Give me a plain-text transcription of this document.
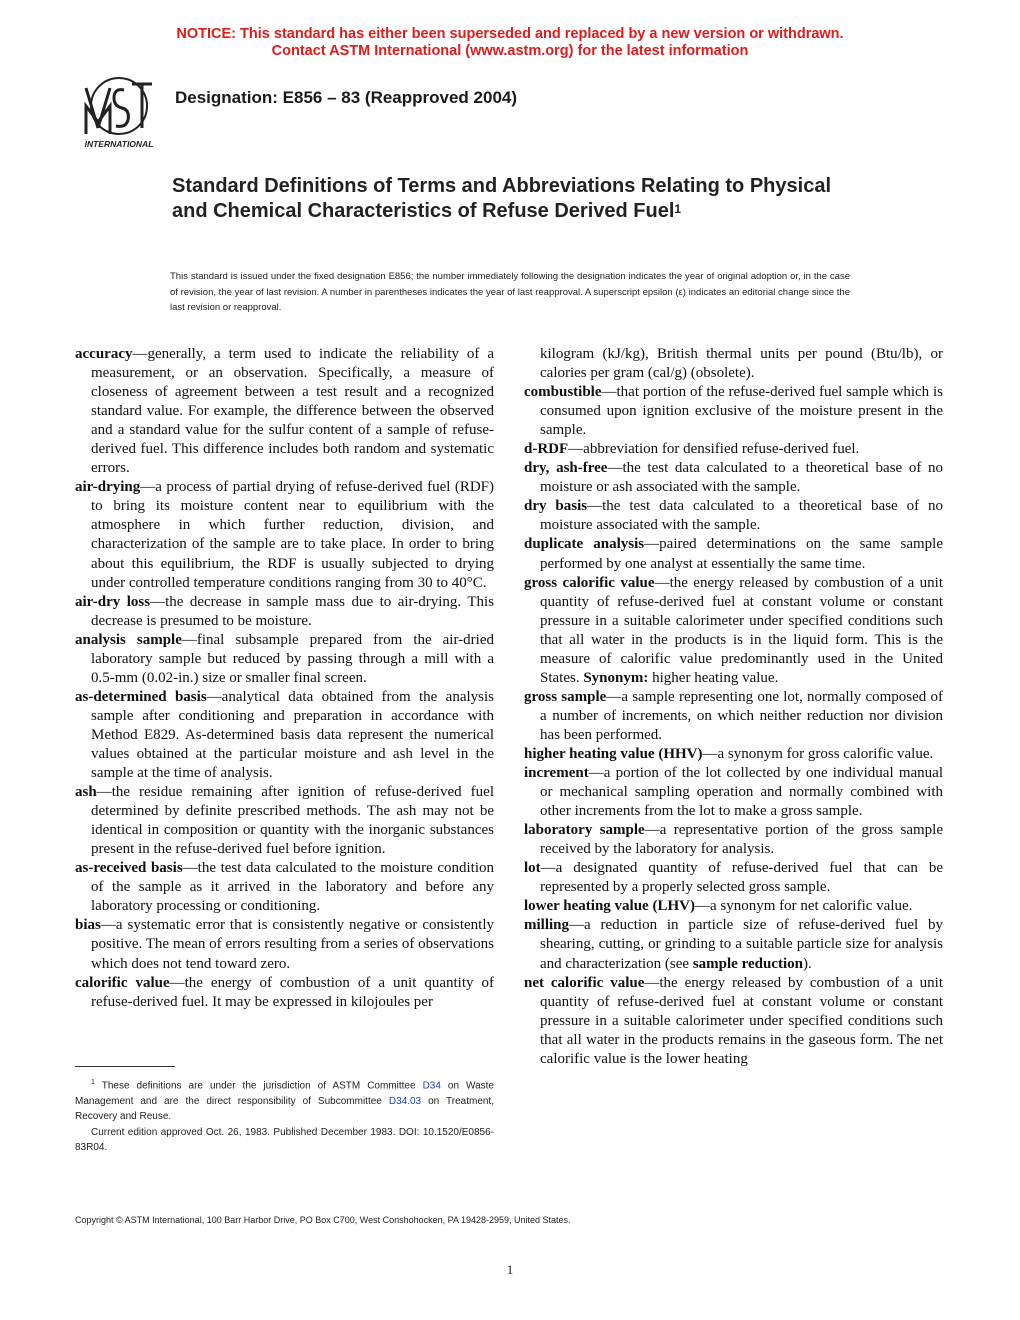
NOTICE: This standard has either been superseded and replaced by a new version or withdrawn.
Contact ASTM International (www.astm.org) for the latest information
INTERNATIONAL
Designation: E856 – 83 (Reapproved 2004)
Standard Definitions of Terms and Abbreviations Relating to Physical and Chemical Characteristics of Refuse Derived Fuel$^1$

This standard is issued under the fixed designation E856; the number immediately following the designation indicates the year of original adoption or, in the case of revision, the year of last revision. A number in parentheses indicates the year of last reapproval. A superscript epsilon (ε) indicates an editorial change since the last revision or reapproval.

accuracy—generally, a term used to indicate the reliability of a measurement, or an observation. Specifically, a measure of closeness of agreement between a test result and a recognized standard value. For example, the difference between the observed and a standard value for the sulfur content of a sample of refuse-derived fuel. This difference includes both random and systematic errors.

air-drying—a process of partial drying of refuse-derived fuel (RDF) to bring its moisture content near to equilibrium with the atmosphere in which further reduction, division, and characterization of the sample are to take place. In order to bring about this equilibrium, the RDF is usually subjected to drying under controlled temperature conditions ranging from 30 to 40°C.

air-dry loss—the decrease in sample mass due to air-drying. This decrease is presumed to be moisture.

analysis sample—final subsample prepared from the air-dried laboratory sample but reduced by passing through a mill with a 0.5-mm (0.02-in.) size or smaller final screen.

as-determined basis—analytical data obtained from the analysis sample after conditioning and preparation in accordance with Method E829. As-determined basis data represent the numerical values obtained at the particular moisture and ash level in the sample at the time of analysis.

ash—the residue remaining after ignition of refuse-derived fuel determined by definite prescribed methods. The ash may not be identical in composition or quantity with the inorganic substances present in the refuse-derived fuel before ignition.

as-received basis—the test data calculated to the moisture condition of the sample as it arrived in the laboratory and before any laboratory processing or conditioning.

bias—a systematic error that is consistently negative or consistently positive. The mean of errors resulting from a series of observations which does not tend toward zero.

calorific value—the energy of combustion of a unit quantity of refuse-derived fuel. It may be expressed in kilojoules per

kilogram (kJ/kg), British thermal units per pound (Btu/lb), or calories per gram (cal/g) (obsolete).

combustible—that portion of the refuse-derived fuel sample which is consumed upon ignition exclusive of the moisture present in the sample.

d-RDF—abbreviation for densified refuse-derived fuel.

dry, ash-free—the test data calculated to a theoretical base of no moisture or ash associated with the sample.

dry basis—the test data calculated to a theoretical base of no moisture associated with the sample.

duplicate analysis—paired determinations on the same sample performed by one analyst at essentially the same time.

gross calorific value—the energy released by combustion of a unit quantity of refuse-derived fuel at constant volume or constant pressure in a suitable calorimeter under specified conditions such that all water in the products is in the liquid form. This is the measure of calorific value predominantly used in the United States. Synonym: higher heating value.

gross sample—a sample representing one lot, normally composed of a number of increments, on which neither reduction nor division has been performed.

higher heating value (HHV)—a synonym for gross calorific value.

increment—a portion of the lot collected by one individual manual or mechanical sampling operation and normally combined with other increments from the lot to make a gross sample.

laboratory sample—a representative portion of the gross sample received by the laboratory for analysis.

lot—a designated quantity of refuse-derived fuel that can be represented by a properly selected gross sample.

lower heating value (LHV)—a synonym for net calorific value.

milling—a reduction in particle size of refuse-derived fuel by shearing, cutting, or grinding to a suitable particle size for analysis and characterization (see sample reduction).

net calorific value—the energy released by combustion of a unit quantity of refuse-derived fuel at constant volume or constant pressure in a suitable calorimeter under specified conditions such that all water in the products remains in the gaseous form. The net calorific value is the lower heating

$^1$ These definitions are under the jurisdiction of ASTM Committee D34 on Waste Management and are the direct responsibility of Subcommittee D34.03 on Treatment, Recovery and Reuse.

Current edition approved Oct. 26, 1983. Published December 1983. DOI: 10.1520/E0856-83R04.

Copyright © ASTM International, 100 Barr Harbor Drive, PO Box C700, West Conshohocken, PA 19428-2959, United States.
1
